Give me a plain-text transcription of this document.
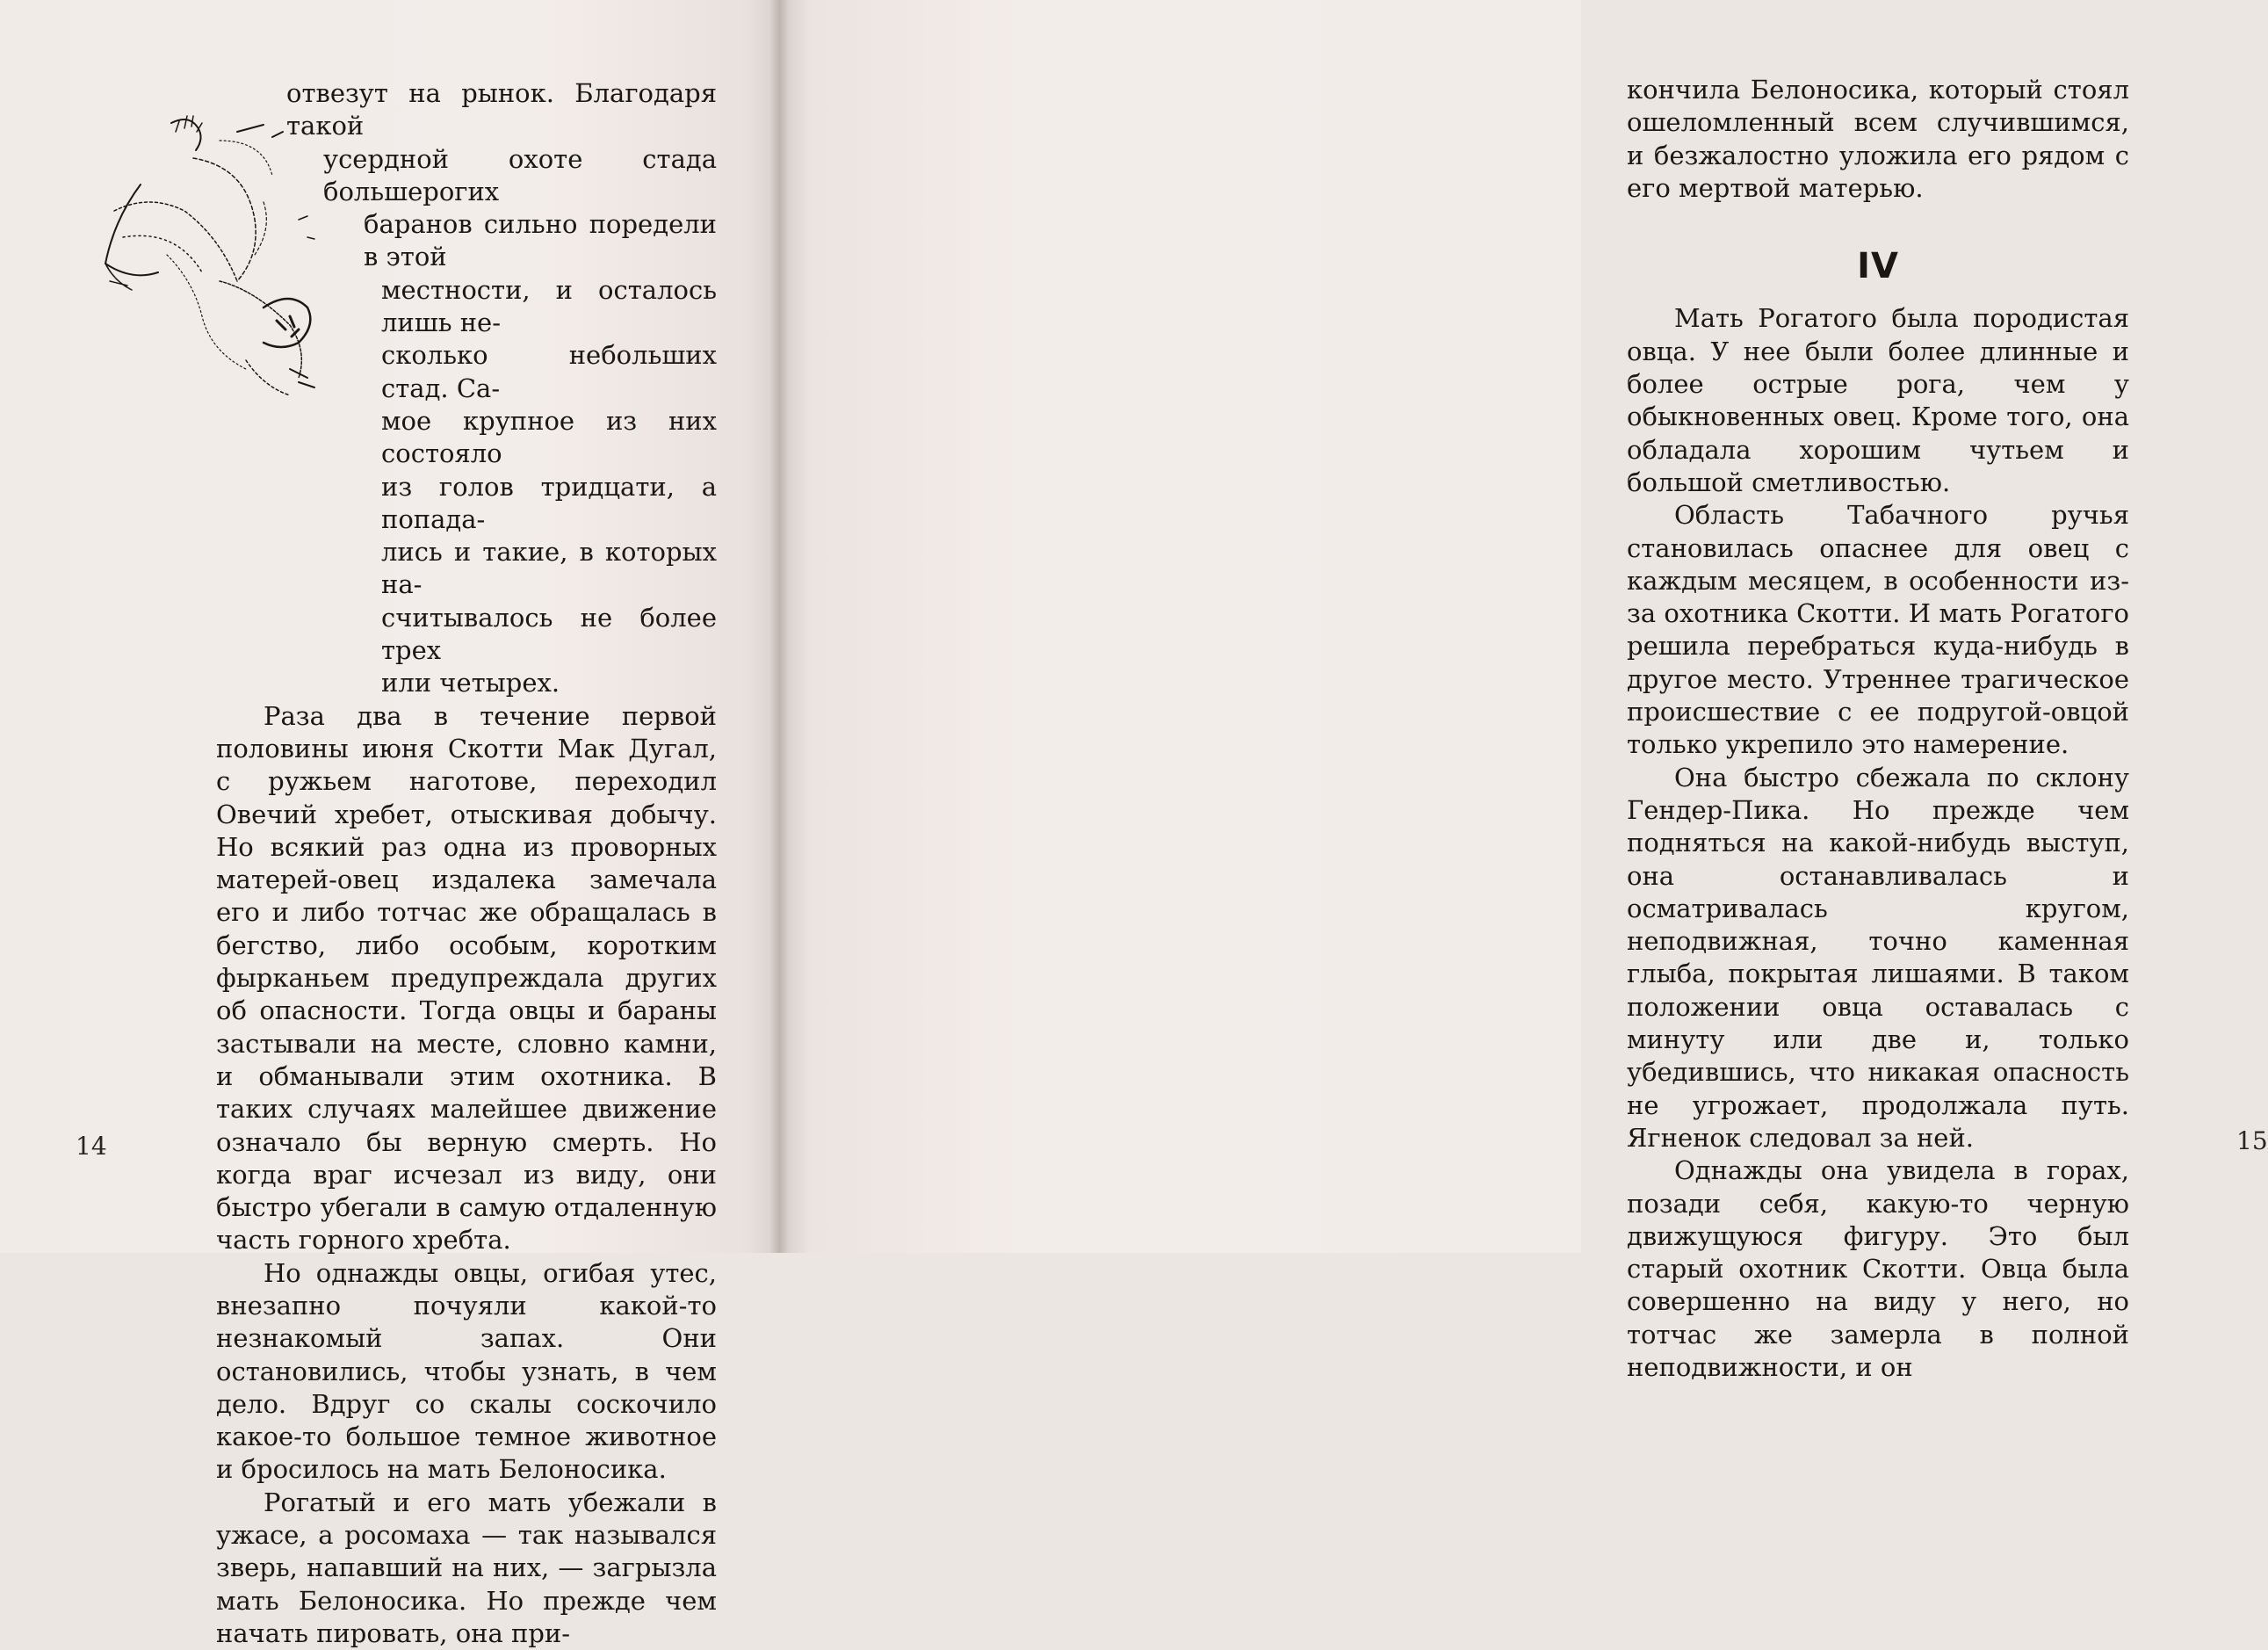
отвезут на рынок. Благодаря такой
усердной охоте стада большерогих
баранов сильно поредели в этой
местности, и осталось лишь не-
сколько небольших стад. Са-
мое крупное из них состояло
из голов тридцати, а попада-
лись и такие, в которых на-
считывалось не более трех
или четырех.

Раза два в течение первой половины июня Скотти Мак Дугал, с ружьем наготове, переходил Овечий хребет, отыскивая добычу. Но всякий раз одна из проворных матерей-овец издалека замечала его и либо тотчас же обращалась в бегство, либо особым, коротким фырканьем предупреждала других об опасности. Тогда овцы и бараны застывали на месте, словно камни, и обманывали этим охотника. В таких случаях малейшее движение означало бы верную смерть. Но когда враг исчезал из виду, они быстро убегали в самую отдаленную часть горного хребта.

Но однажды овцы, огибая утес, внезапно почуяли какой-то незнакомый запах. Они остановились, чтобы узнать, в чем дело. Вдруг со скалы соскочило какое-то большое темное животное и бросилось на мать Белоносика.

Рогатый и его мать убежали в ужасе, а росомаха — так назывался зверь, напавший на них, — загрызла мать Белоносика. Но прежде чем начать пировать, она при-

14

кончила Белоносика, который стоял ошеломленный всем случившимся, и безжалостно уложила его рядом с его мертвой матерью.

IV

Мать Рогатого была породистая овца. У нее были более длинные и более острые рога, чем у обыкновенных овец. Кроме того, она обладала хорошим чутьем и большой сметливостью.

Область Табачного ручья становилась опаснее для овец с каждым месяцем, в особенности из-за охотника Скотти. И мать Рогатого решила перебраться куда-нибудь в другое место. Утреннее трагическое происшествие с ее подругой-овцой только укрепило это намерение.

Она быстро сбежала по склону Гендер-Пика. Но прежде чем подняться на какой-нибудь выступ, она останавливалась и осматривалась кругом, неподвижная, точно каменная глыба, покрытая лишаями. В таком положении овца оставалась с минуту или две и, только убедившись, что никакая опасность не угрожает, продолжала путь. Ягненок следовал за ней.

Однажды она увидела в горах, позади себя, какую-то черную движущуюся фигуру. Это был старый охотник Скотти. Овца была совершенно на виду у него, но тотчас же замерла в полной неподвижности, и он

15
